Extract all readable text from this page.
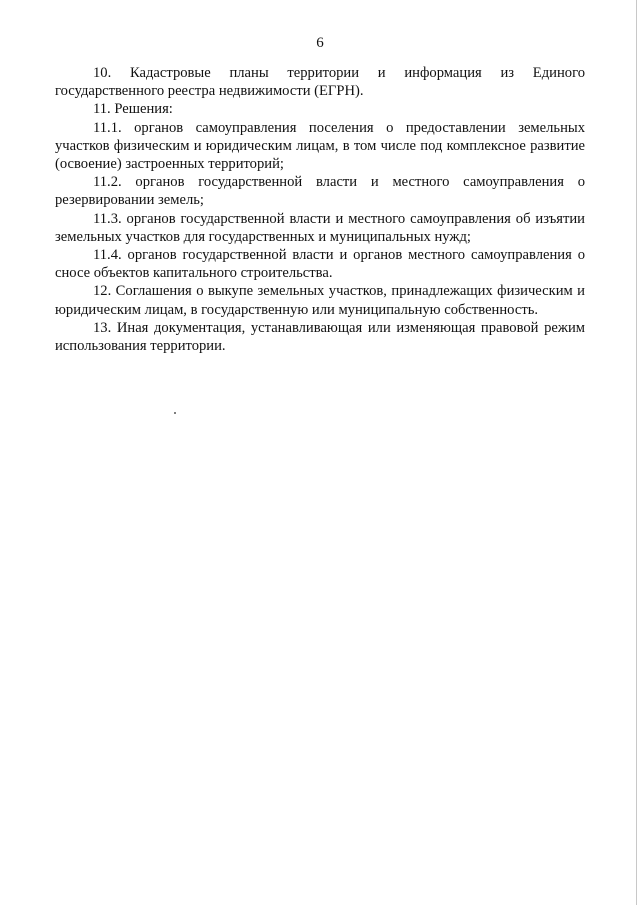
6

10. Кадастровые планы территории и информация из Единого государственного реестра недвижимости (ЕГРН).

11. Решения:

11.1. органов самоуправления поселения о предоставлении земельных участков физическим и юридическим лицам, в том числе под комплексное развитие (освоение) застроенных территорий;

11.2. органов государственной власти и местного самоуправления о резервировании земель;

11.3. органов государственной власти и местного самоуправления об изъятии земельных участков для государственных и муниципальных нужд;

11.4. органов государственной власти и органов местного самоуправления о сносе объектов капитального строительства.

12. Соглашения о выкупе земельных участков, принадлежащих физическим и юридическим лицам, в государственную или муниципальную собственность.

13. Иная документация, устанавливающая или изменяющая правовой режим использования территории.
